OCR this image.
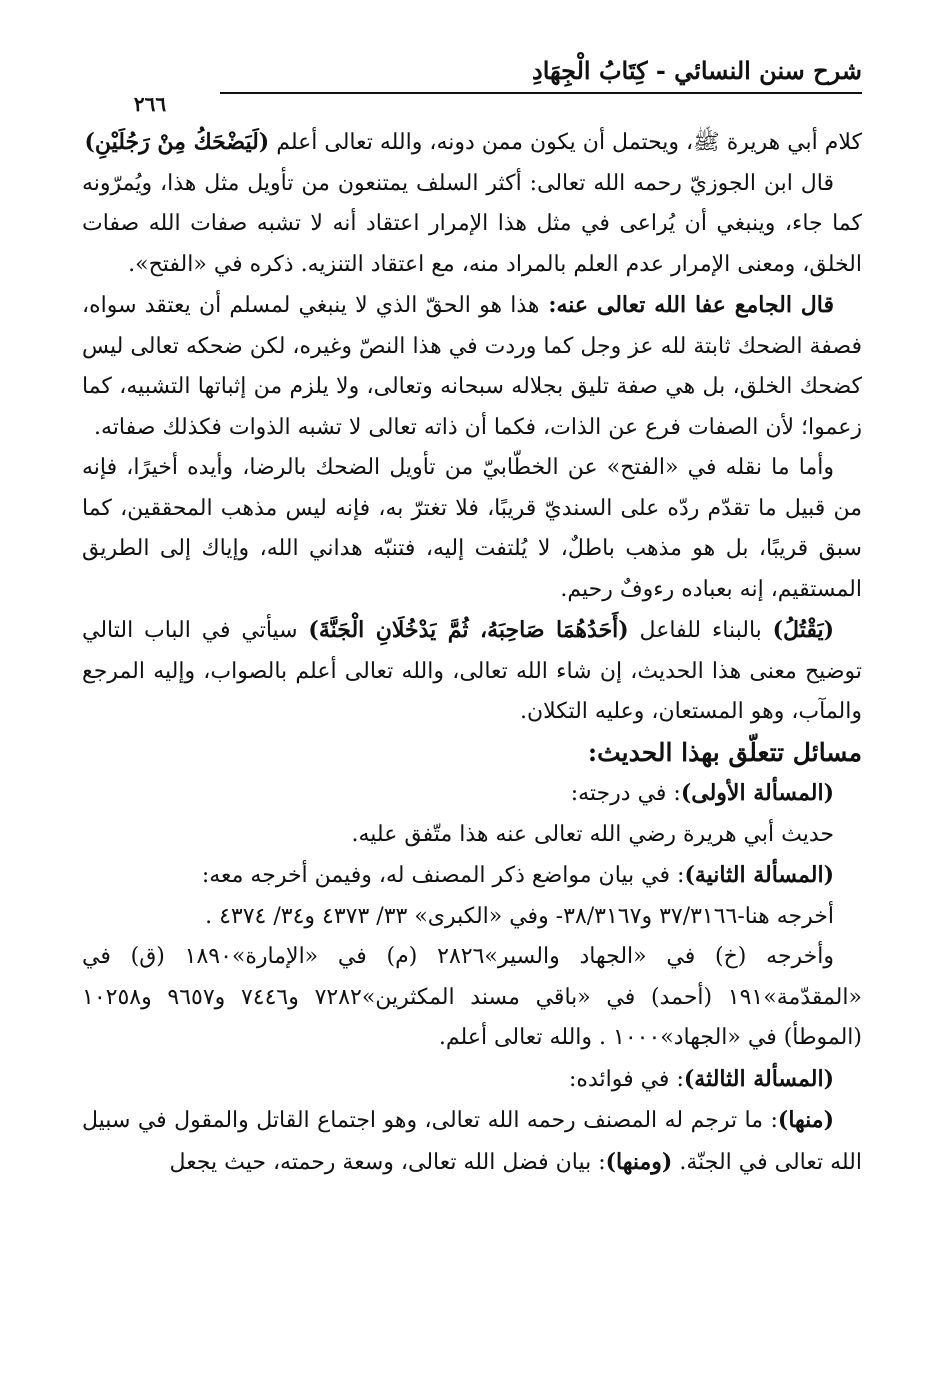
شرح سنن النسائي - كِتَابُ الْجِهَادِ
٢٦٦

كلام أبي هريرة ﷺ، ويحتمل أن يكون ممن دونه، والله تعالى أعلم (لَيَضْحَكُ مِنْ رَجُلَيْنِ)

قال ابن الجوزيّ رحمه الله تعالى: أكثر السلف يمتنعون من تأويل مثل هذا، ويُمرّونه كما جاء، وينبغي أن يُراعى في مثل هذا الإمرار اعتقاد أنه لا تشبه صفات الله صفات الخلق، ومعنى الإمرار عدم العلم بالمراد منه، مع اعتقاد التنزيه. ذكره في «الفتح».

قال الجامع عفا الله تعالى عنه: هذا هو الحقّ الذي لا ينبغي لمسلم أن يعتقد سواه، فصفة الضحك ثابتة لله عز وجل كما وردت في هذا النصّ وغيره، لكن ضحكه تعالى ليس كضحك الخلق، بل هي صفة تليق بجلاله سبحانه وتعالى، ولا يلزم من إثباتها التشبيه، كما زعموا؛ لأن الصفات فرع عن الذات، فكما أن ذاته تعالى لا تشبه الذوات فكذلك صفاته.

وأما ما نقله في «الفتح» عن الخطّابيّ من تأويل الضحك بالرضا، وأيده أخيرًا، فإنه من قبيل ما تقدّم ردّه على السنديّ قريبًا، فلا تغترّ به، فإنه ليس مذهب المحققين، كما سبق قريبًا، بل هو مذهب باطلٌ، لا يُلتفت إليه، فتنبّه هداني الله، وإياك إلى الطريق المستقيم، إنه بعباده رءوفٌ رحيم.

(يَقْتُلُ) بالبناء للفاعل (أَحَدُهُمَا صَاحِبَهُ، ثُمَّ يَدْخُلَانِ الْجَنَّةَ) سيأتي في الباب التالي توضيح معنى هذا الحديث، إن شاء الله تعالى، والله تعالى أعلم بالصواب، وإليه المرجع والمآب، وهو المستعان، وعليه التكلان.

مسائل تتعلّق بهذا الحديث:

(المسألة الأولى): في درجته:

حديث أبي هريرة رضي الله تعالى عنه هذا متّفق عليه.

(المسألة الثانية): في بيان مواضع ذكر المصنف له، وفيمن أخرجه معه:

أخرجه هنا-٣٧/٣١٦٦ و٣٨/٣١٦٧- وفي «الكبرى» ٣٣/ ٤٣٧٣ و٣٤/ ٤٣٧٤ .

وأخرجه (خ) في «الجهاد والسير»٢٨٢٦ (م) في «الإمارة»١٨٩٠ (ق) في «المقدّمة»١٩١ (أحمد) في «باقي مسند المكثرين»٧٢٨٢ و٧٤٤٦ و٩٦٥٧ و١٠٢٥٨ (الموطأ) في «الجهاد»١٠٠٠ . والله تعالى أعلم.

(المسألة الثالثة): في فوائده:

(منها): ما ترجم له المصنف رحمه الله تعالى، وهو اجتماع القاتل والمقول في سبيل الله تعالى في الجنّة. (ومنها): بيان فضل الله تعالى، وسعة رحمته، حيث يجعل
